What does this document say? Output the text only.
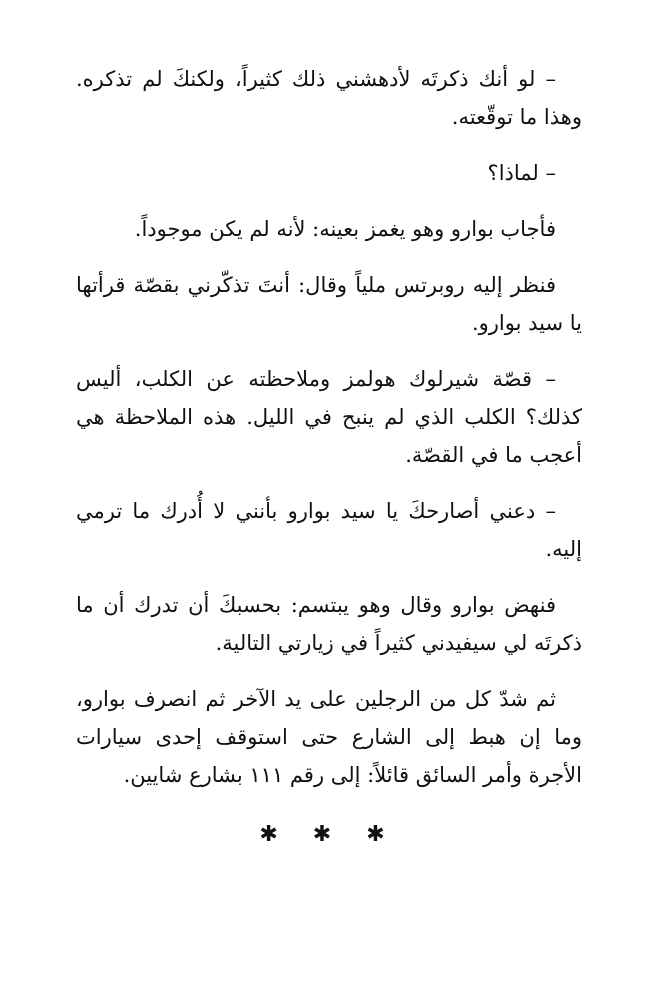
– لو أنك ذكرتَه لأدهشني ذلك كثيراً، ولكنكَ لم تذكره. وهذا ما توقّعته.

– لماذا؟

فأجاب بوارو وهو يغمز بعينه: لأنه لم يكن موجوداً.

فنظر إليه روبرتس ملياً وقال: أنتَ تذكّرني بقصّة قرأتها يا سيد بوارو.

– قصّة شيرلوك هولمز وملاحظته عن الكلب، أليس كذلك؟ الكلب الذي لم ينبح في الليل. هذه الملاحظة هي أعجب ما في القصّة.

– دعني أصارحكَ يا سيد بوارو بأنني لا أُدرك ما ترمي إليه.

فنهض بوارو وقال وهو يبتسم: بحسبكَ أن تدرك أن ما ذكرتَه لي سيفيدني كثيراً في زيارتي التالية.

ثم شدّ كل من الرجلين على يد الآخر ثم انصرف بوارو، وما إن هبط إلى الشارع حتى استوقف إحدى سيارات الأجرة وأمر السائق قائلاً: إلى رقم ١١١ بشارع شايين.

✱ ✱ ✱
